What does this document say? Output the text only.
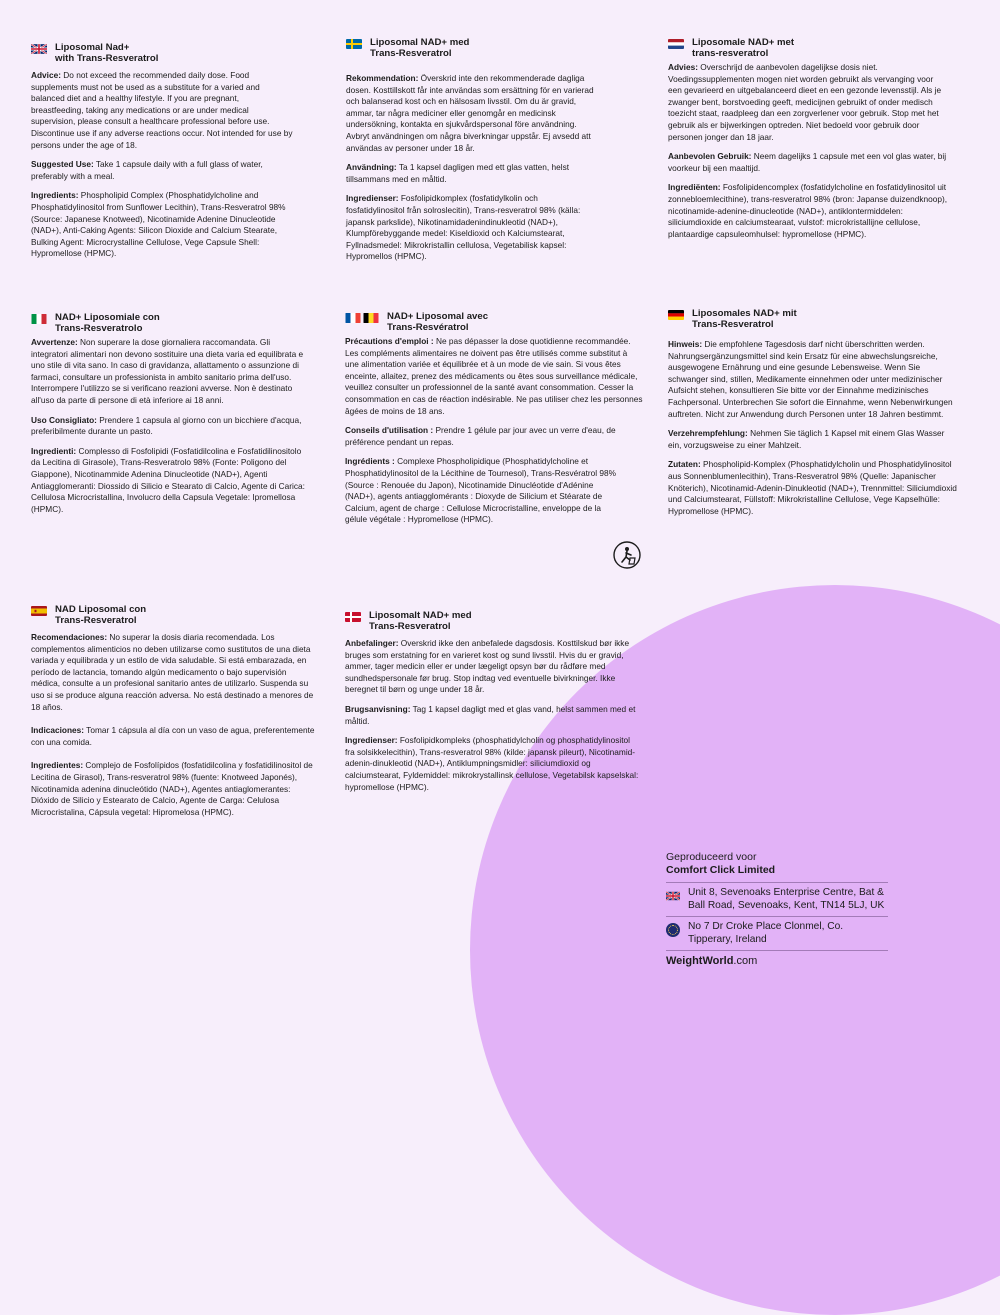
Liposomal Nad+
with Trans-Resveratrol

Advice: Do not exceed the recommended daily dose. Food supplements must not be used as a substitute for a varied and balanced diet and a healthy lifestyle. If you are pregnant, breastfeeding, taking any medications or are under medical supervision, please consult a healthcare professional before use. Discontinue use if any adverse reactions occur. Not intended for use by persons under the age of 18.

Suggested Use: Take 1 capsule daily with a full glass of water, preferably with a meal.

Ingredients: Phospholipid Complex (Phosphatidylcholine and Phosphatidylinositol from Sunflower Lecithin), Trans-Resveratrol 98% (Source: Japanese Knotweed), Nicotinamide Adenine Dinucleotide (NAD+), Anti-Caking Agents: Silicon Dioxide and Calcium Stearate, Bulking Agent: Microcrystalline Cellulose, Vege Capsule Shell: Hypromellose (HPMC).

Liposomal NAD+ med
Trans-Resveratrol

Rekommendation: Överskrid inte den rekommenderade dagliga dosen. Kosttillskott får inte användas som ersättning för en varierad och balanserad kost och en hälsosam livsstil. Om du är gravid, ammar, tar några mediciner eller genomgår en medicinsk undersökning, kontakta en sjukvårdspersonal före användning. Avbryt användningen om några biverkningar uppstår. Ej avsedd att användas av personer under 18 år.

Användning: Ta 1 kapsel dagligen med ett glas vatten, helst tillsammans med en måltid.

Ingredienser: Fosfolipidkomplex (fosfatidylkolin och fosfatidylinositol från solroslecitin), Trans-resveratrol 98% (källa: japansk parkslide), Nikotinamidadenindinukleotid (NAD+), Klumpförebyggande medel: Kiseldioxid och Kalciumstearat, Fyllnadsmedel: Mikrokristallin cellulosa, Vegetabilisk kapsel: Hypromellos (HPMC).

Liposomale NAD+ met
trans-resveratrol

Advies: Overschrijd de aanbevolen dagelijkse dosis niet. Voedingssupplementen mogen niet worden gebruikt als vervanging voor een gevarieerd en uitgebalanceerd dieet en een gezonde levensstijl. Als je zwanger bent, borstvoeding geeft, medicijnen gebruikt of onder medisch toezicht staat, raadpleeg dan een zorgverlener voor gebruik. Stop met het gebruik als er bijwerkingen optreden. Niet bedoeld voor gebruik door personen jonger dan 18 jaar.

Aanbevolen Gebruik: Neem dagelijks 1 capsule met een vol glas water, bij voorkeur bij een maaltijd.

Ingrediënten: Fosfolipidencomplex (fosfatidylcholine en fosfatidylinositol uit zonnebloemlecithine), trans-resveratrol 98% (bron: Japanse duizendknoop), nicotinamide-adenine-dinucleotide (NAD+), antiklontermiddelen: siliciumdioxide en calciumstearaat, vulstof: microkristallijne cellulose, plantaardige capsuleomhulsel: hypromellose (HPMC).

NAD+ Liposomiale con
Trans-Resveratrolo

Avvertenze: Non superare la dose giornaliera raccomandata. Gli integratori alimentari non devono sostituire una dieta varia ed equilibrata e uno stile di vita sano. In caso di gravidanza, allattamento o assunzione di farmaci, consultare un professionista in ambito sanitario prima dell'uso. Interrompere l'utilizzo se si verificano reazioni avverse. Non è destinato all'uso da parte di persone di età inferiore ai 18 anni.

Uso Consigliato: Prendere 1 capsula al giorno con un bicchiere d'acqua, preferibilmente durante un pasto.

Ingredienti: Complesso di Fosfolipidi (Fosfatidilcolina e Fosfatidilinositolo da Lecitina di Girasole), Trans-Resveratrolo 98% (Fonte: Poligono del Giappone), Nicotinammide Adenina Dinucleotide (NAD+), Agenti Antiagglomeranti: Diossido di Silicio e Stearato di Calcio, Agente di Carica: Cellulosa Microcristallina, Involucro della Capsula Vegetale: Ipromellosa (HPMC).

NAD+ Liposomal avec
Trans-Resvératrol

Précautions d'emploi : Ne pas dépasser la dose quotidienne recommandée. Les compléments alimentaires ne doivent pas être utilisés comme substitut à une alimentation variée et équilibrée et à un mode de vie sain. Si vous êtes enceinte, allaitez, prenez des médicaments ou êtes sous surveillance médicale, veuillez consulter un professionnel de la santé avant consommation. Cesser la consommation en cas de réaction indésirable. Ne pas utiliser chez les personnes âgées de moins de 18 ans.

Conseils d'utilisation : Prendre 1 gélule par jour avec un verre d'eau, de préférence pendant un repas.

Ingrédients : Complexe Phospholipidique (Phosphatidylcholine et Phosphatidylinositol de la Lécithine de Tournesol), Trans-Resvératrol 98% (Source : Renouée du Japon), Nicotinamide Dinucléotide d'Adénine (NAD+), agents antiagglomérants : Dioxyde de Silicium et Stéarate de Calcium, agent de charge : Cellulose Microcristalline, enveloppe de la gélule végétale : Hypromellose (HPMC).

Liposomales NAD+ mit
Trans-Resveratrol

Hinweis: Die empfohlene Tagesdosis darf nicht überschritten werden. Nahrungsergänzungsmittel sind kein Ersatz für eine abwechslungsreiche, ausgewogene Ernährung und eine gesunde Lebensweise. Wenn Sie schwanger sind, stillen, Medikamente einnehmen oder unter medizinischer Aufsicht stehen, konsultieren Sie bitte vor der Einnahme medizinisches Fachpersonal. Unterbrechen Sie sofort die Einnahme, wenn Nebenwirkungen auftreten. Nicht zur Anwendung durch Personen unter 18 Jahren bestimmt.

Verzehrempfehlung: Nehmen Sie täglich 1 Kapsel mit einem Glas Wasser ein, vorzugsweise zu einer Mahlzeit.

Zutaten: Phospholipid-Komplex (Phosphatidylcholin und Phosphatidylinositol aus Sonnenblumenlecithin), Trans-Resveratrol 98% (Quelle: Japanischer Knöterich), Nicotinamid-Adenin-Dinukleotid (NAD+), Trennmittel: Siliciumdioxid und Calciumstearat, Füllstoff: Mikrokristalline Cellulose, Vege Kapselhülle: Hypromellose (HPMC).

NAD Liposomal con
Trans-Resveratrol

Recomendaciones: No superar la dosis diaria recomendada. Los complementos alimenticios no deben utilizarse como sustitutos de una dieta variada y equilibrada y un estilo de vida saludable. Si está embarazada, en período de lactancia, tomando algún medicamento o bajo supervisión médica, consulte a un profesional sanitario antes de utilizarlo. Suspenda su uso si se produce alguna reacción adversa. No está destinado a menores de 18 años.

Indicaciones: Tomar 1 cápsula al día con un vaso de agua, preferentemente con una comida.

Ingredientes: Complejo de Fosfolípidos (fosfatidilcolina y fosfatidilinositol de Lecitina de Girasol), Trans-resveratrol 98% (fuente: Knotweed Japonés), Nicotinamida adenina dinucleótido (NAD+), Agentes antiaglomerantes: Dióxido de Silicio y Estearato de Calcio, Agente de Carga: Celulosa Microcristalina, Cápsula vegetal: Hipromelosa (HPMC).

Liposomalt NAD+ med
Trans-Resveratrol

Anbefalinger: Overskrid ikke den anbefalede dagsdosis. Kosttilskud bør ikke bruges som erstatning for en varieret kost og sund livsstil. Hvis du er gravid, ammer, tager medicin eller er under lægeligt opsyn bør du rådføre med sundhedspersonale før brug. Stop indtag ved eventuelle bivirkninger. Ikke beregnet til børn og unge under 18 år.

Brugsanvisning: Tag 1 kapsel dagligt med et glas vand, helst sammen med et måltid.

Ingredienser: Fosfolipidkompleks (phosphatidylcholin og phosphatidylinositol fra solsikkelecithin), Trans-resveratrol 98% (kilde: japansk pileurt), Nicotinamid-adenin-dinukleotid (NAD+), Antiklumpningsmidler: siliciumdioxid og calciumstearat, Fyldemiddel: mikrokrystallinsk cellulose, Vegetabilsk kapselskal: hypromellose (HPMC).

Geproduceerd voor
Comfort Click Limited
Unit 8, Sevenoaks Enterprise Centre, Bat & Ball Road, Sevenoaks, Kent, TN14 5LJ, UK
No 7 Dr Croke Place Clonmel, Co. Tipperary, Ireland
WeightWorld.com
